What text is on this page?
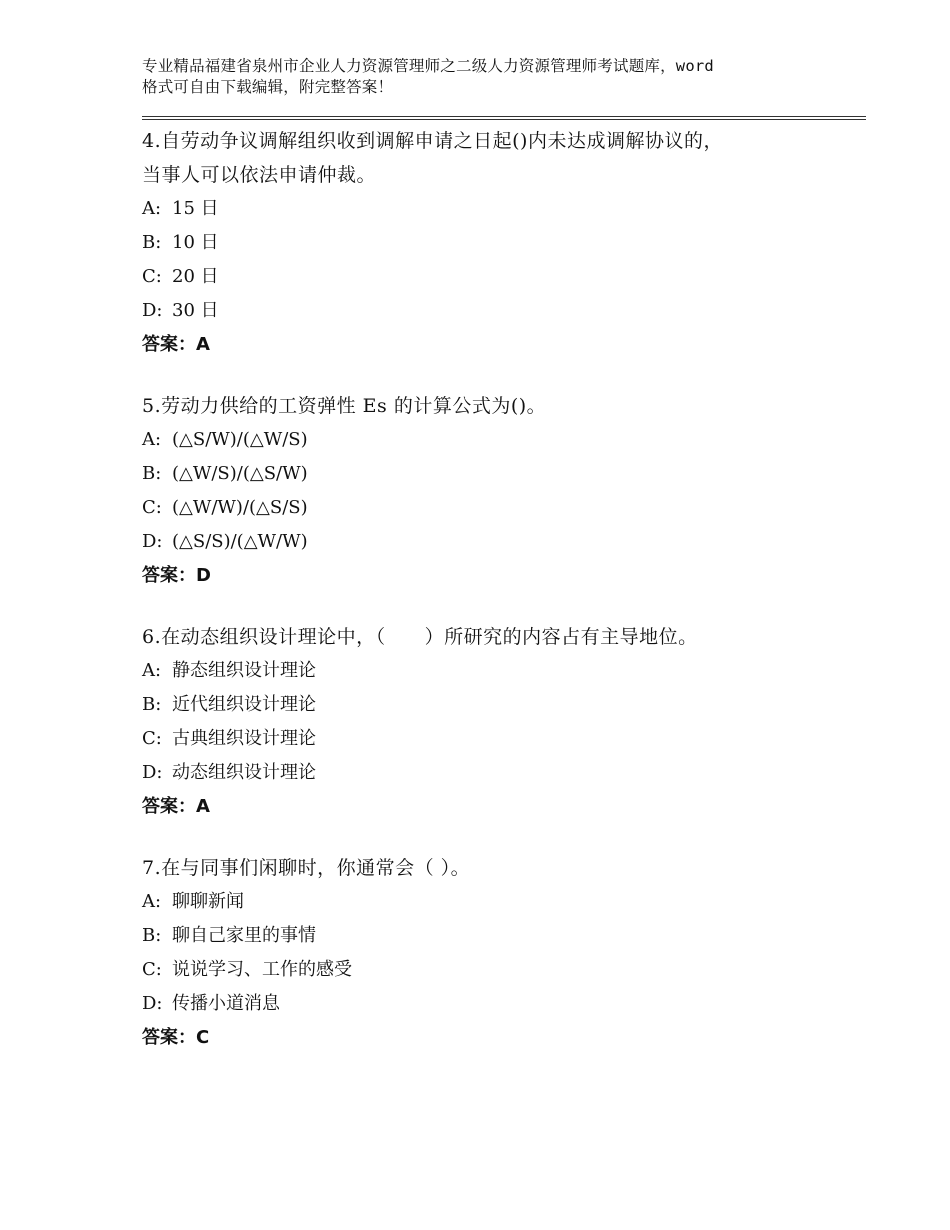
专业精品福建省泉州市企业人力资源管理师之二级人力资源管理师考试题库，word
格式可自由下载编辑，附完整答案！

4.自劳动争议调解组织收到调解申请之日起()内未达成调解协议的，

当事人可以依法申请仲裁。

A: 15 日

B: 10 日

C: 20 日

D: 30 日

答案：A

5.劳动力供给的工资弹性 Es 的计算公式为()。

A: (△S/W)/(△W/S)

B: (△W/S)/(△S/W)

C: (△W/W)/(△S/S)

D: (△S/S)/(△W/W)

答案：D

6.在动态组织设计理论中，（　　）所研究的内容占有主导地位。

A: 静态组织设计理论

B: 近代组织设计理论

C: 古典组织设计理论

D: 动态组织设计理论

答案：A

7.在与同事们闲聊时，你通常会（ ）。

A: 聊聊新闻

B: 聊自己家里的事情

C: 说说学习、工作的感受

D: 传播小道消息

答案：C
